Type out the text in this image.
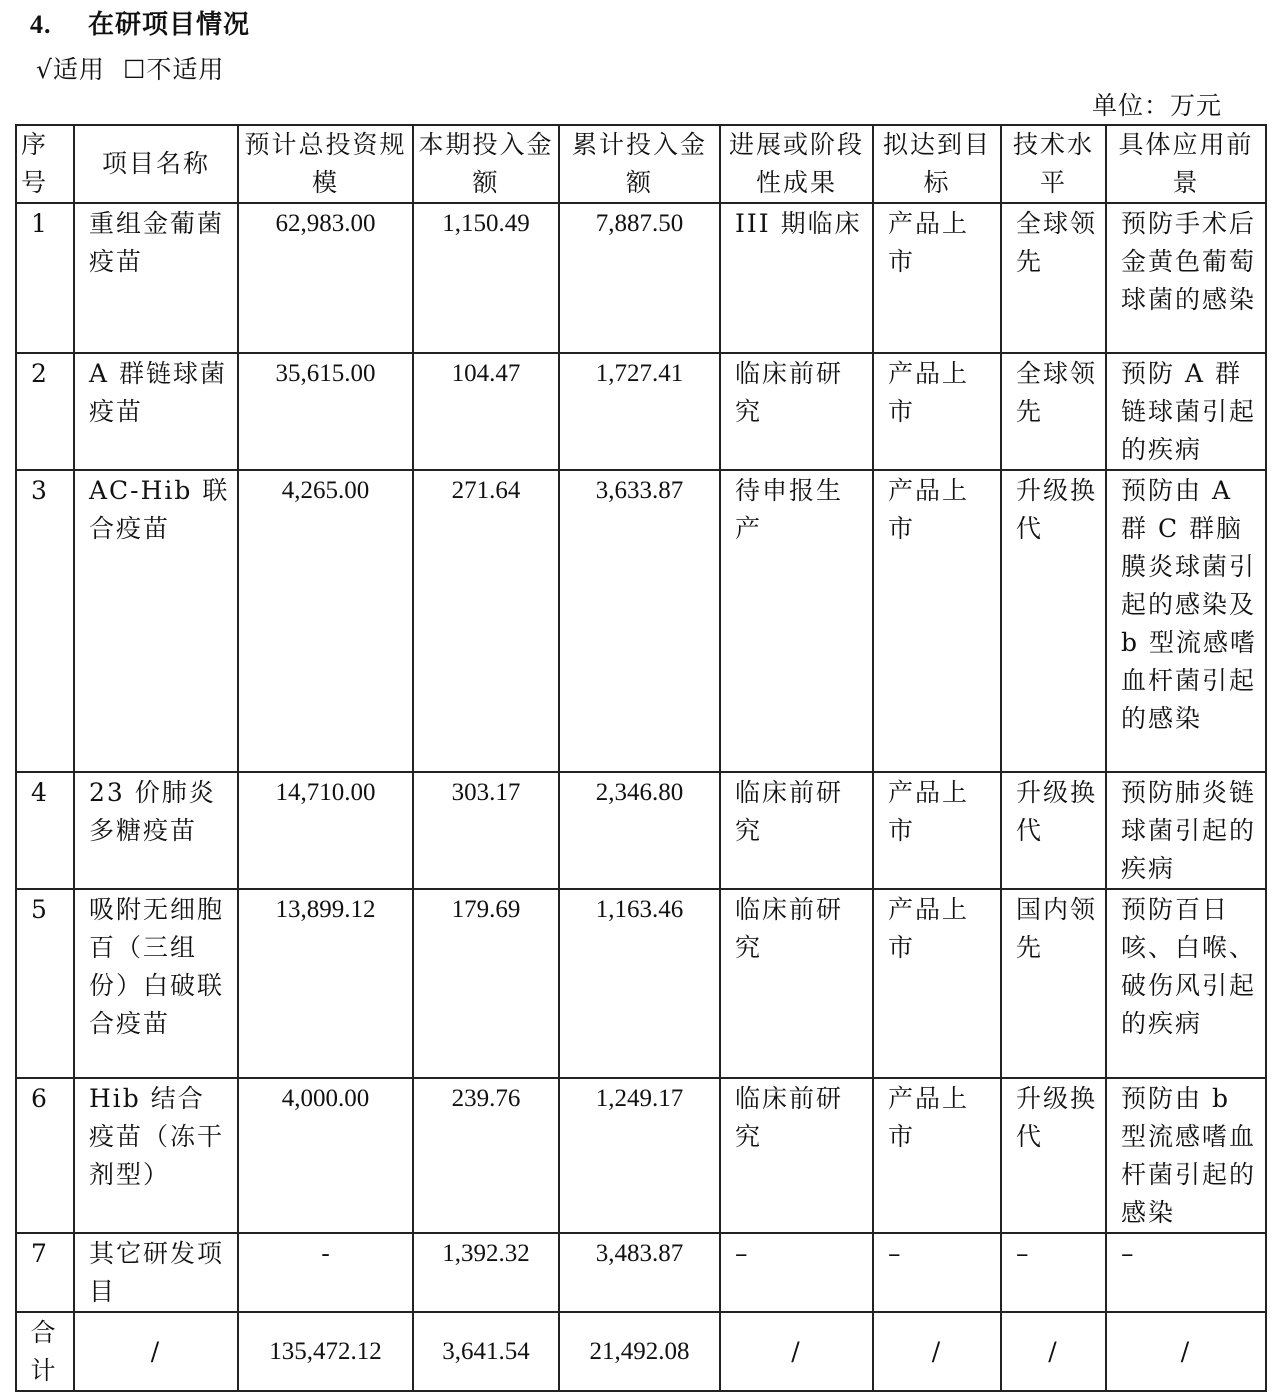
4. 在研项目情况
√适用 ☐不适用
单位：万元
序号	项目名称	预计总投资规模	本期投入金额	累计投入金额	进展或阶段性成果	拟达到目标	技术水平	具体应用前景
1	重组金葡菌疫苗	62,983.00	1,150.49	7,887.50	III 期临床	产品上市	全球领先	预防手术后金黄色葡萄球菌的感染
2	A 群链球菌疫苗	35,615.00	104.47	1,727.41	临床前研究	产品上市	全球领先	预防 A 群链球菌引起的疾病
3	AC-Hib 联合疫苗	4,265.00	271.64	3,633.87	待申报生产	产品上市	升级换代	预防由 A 群 C 群脑膜炎球菌引起的感染及 b 型流感嗜血杆菌引起的感染
4	23 价肺炎多糖疫苗	14,710.00	303.17	2,346.80	临床前研究	产品上市	升级换代	预防肺炎链球菌引起的疾病
5	吸附无细胞百（三组份）白破联合疫苗	13,899.12	179.69	1,163.46	临床前研究	产品上市	国内领先	预防百日咳、白喉、破伤风引起的疾病
6	Hib 结合疫苗（冻干剂型）	4,000.00	239.76	1,249.17	临床前研究	产品上市	升级换代	预防由 b 型流感嗜血杆菌引起的感染
7	其它研发项目	-	1,392.32	3,483.87	–	–	–	–
合计	/	135,472.12	3,641.54	21,492.08	/	/	/	/
